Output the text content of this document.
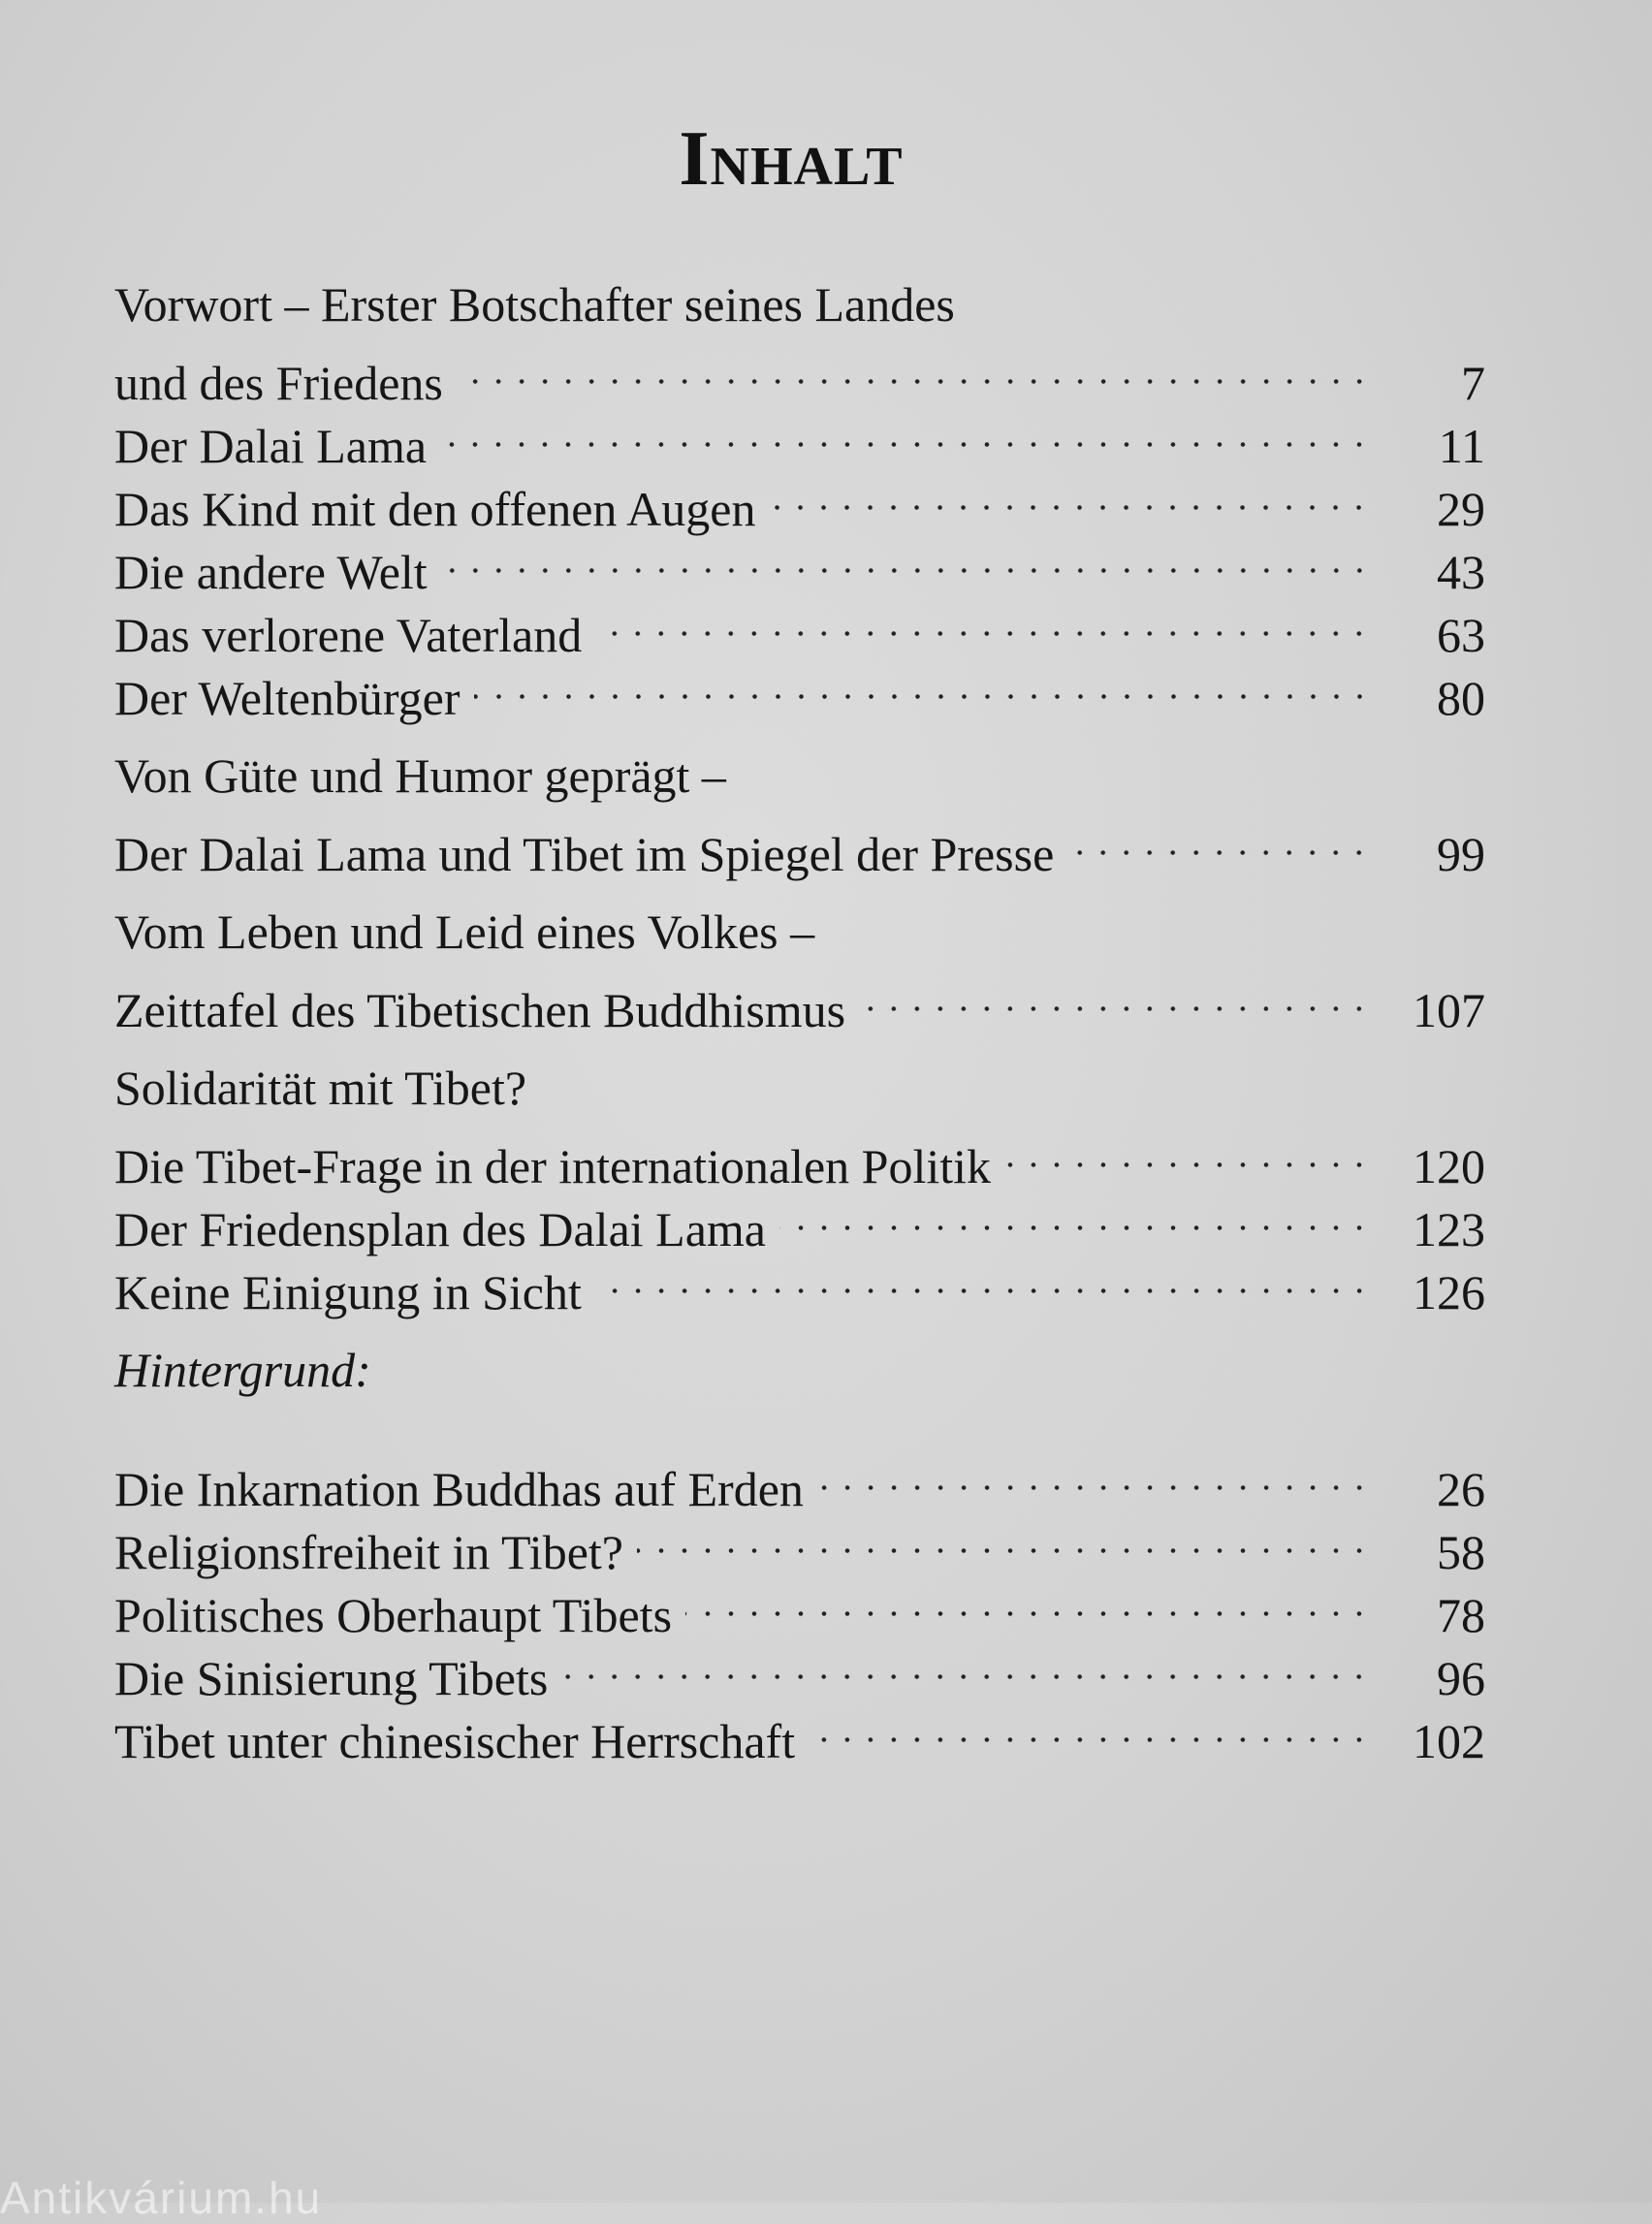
Inhalt
Vorwort – Erster Botschafter seines Landes
und des Friedens	7
Der Dalai Lama	11
Das Kind mit den offenen Augen	29
Die andere Welt	43
Das verlorene Vaterland	63
Der Weltenbürger	80
Von Güte und Humor geprägt –
Der Dalai Lama und Tibet im Spiegel der Presse	99
Vom Leben und Leid eines Volkes –
Zeittafel des Tibetischen Buddhismus	107
Solidarität mit Tibet?
Die Tibet-Frage in der internationalen Politik	120
Der Friedensplan des Dalai Lama	123
Keine Einigung in Sicht	126
Hintergrund:
Die Inkarnation Buddhas auf Erden	26
Religionsfreiheit in Tibet?	58
Politisches Oberhaupt Tibets	78
Die Sinisierung Tibets	96
Tibet unter chinesischer Herrschaft	102
Antikvárium.hu
